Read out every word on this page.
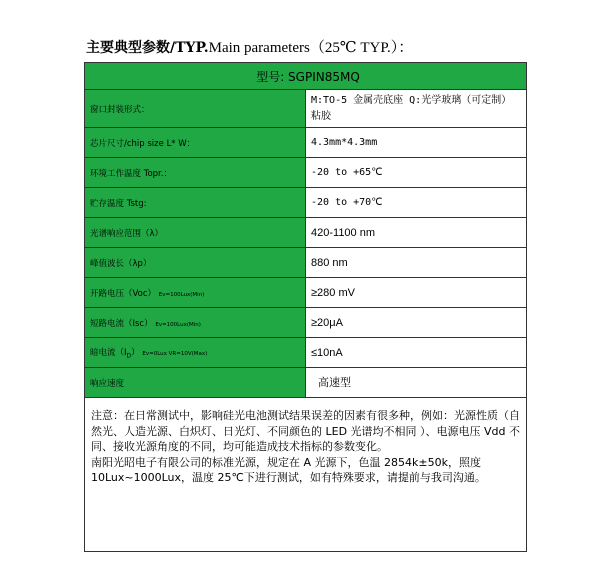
主要典型参数/TYP.Main parameters（25℃ TYP.）：
型号: SGPIN85MQ	
窗口封装形式：	M:TO-5 金属壳底座 Q:光学玻璃（可定制） 粘胶
芯片尺寸/chip size L* W：	4.3mm*4.3mm
环境工作温度 Topr.：	-20 to +65℃
贮存温度 Tstg:	-20 to +70℃
光谱响应范围（λ）	420-1100 nm
峰值波长（λp）	880 nm
开路电压（Voc） Ev=100Lux(Min)	≥280 mV
短路电流（Isc） Ev=100Lux(Min)	≥20μA
暗电流$(I_D)$ Ev=0Lux VR=10V(Max)	≤10nA
响应速度	高速型

注意：在日常测试中，影响硅光电池测试结果误差的因素有很多种，例如：光源性质（自然光、人造光源、白炽灯、日光灯、不同颜色的 LED 光谱均不相同 ）、电源电压 Vdd 不同、接收光源角度的不同，均可能造成技术指标的参数变化。

南阳光昭电子有限公司的标准光源，规定在 A 光源下，色温 2854k±50k，照度 10Lux~1000Lux，温度 25℃下进行测试，如有特殊要求，请提前与我司沟通。
